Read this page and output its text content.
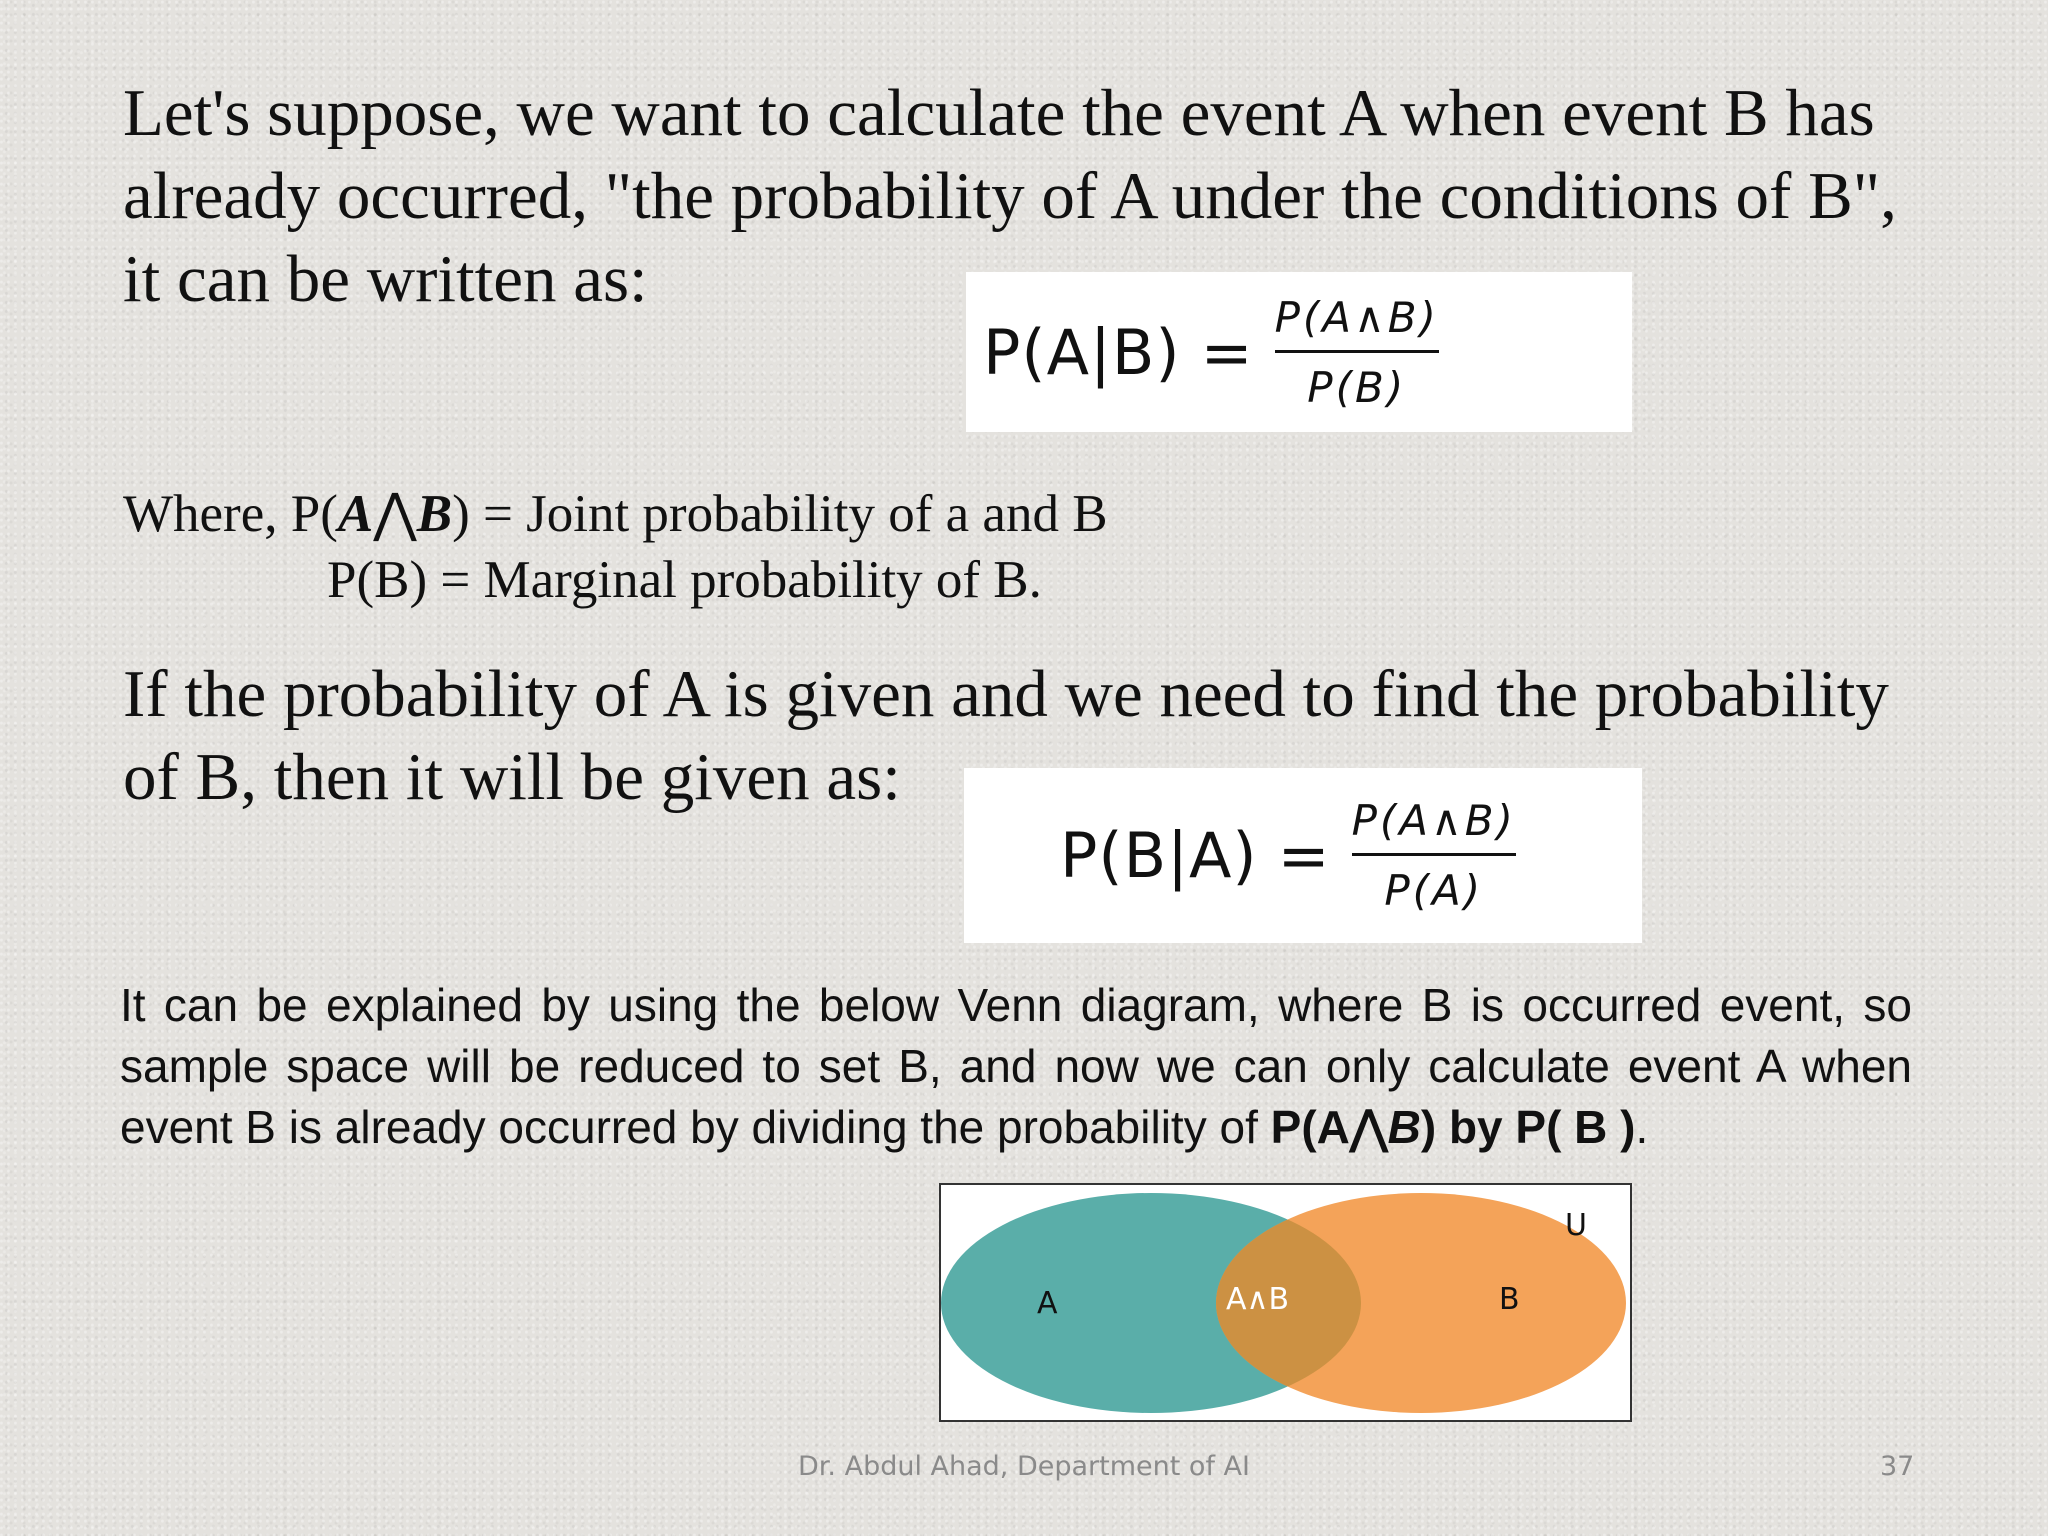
Let's suppose, we want to calculate the event A when event B has already occurred, "the probability of A under the conditions of B", it can be written as:

$P(A|B) = \frac{P(A\wedge B)}{P(B)}$

Where, P(A⋀B) = Joint probability of a and B

P(B) = Marginal probability of B.

If the probability of A is given and we need to find the probability of B, then it will be given as:

$P(B|A) = \frac{P(A\wedge B)}{P(A)}$

It can be explained by using the below Venn diagram, where B is occurred event, so sample space will be reduced to set B, and now we can only calculate event A when event B is already occurred by dividing the probability of P(A⋀B) by P( B ).

A	A∧B	B
U
Dr. Abdul Ahad, Department of AI	37
